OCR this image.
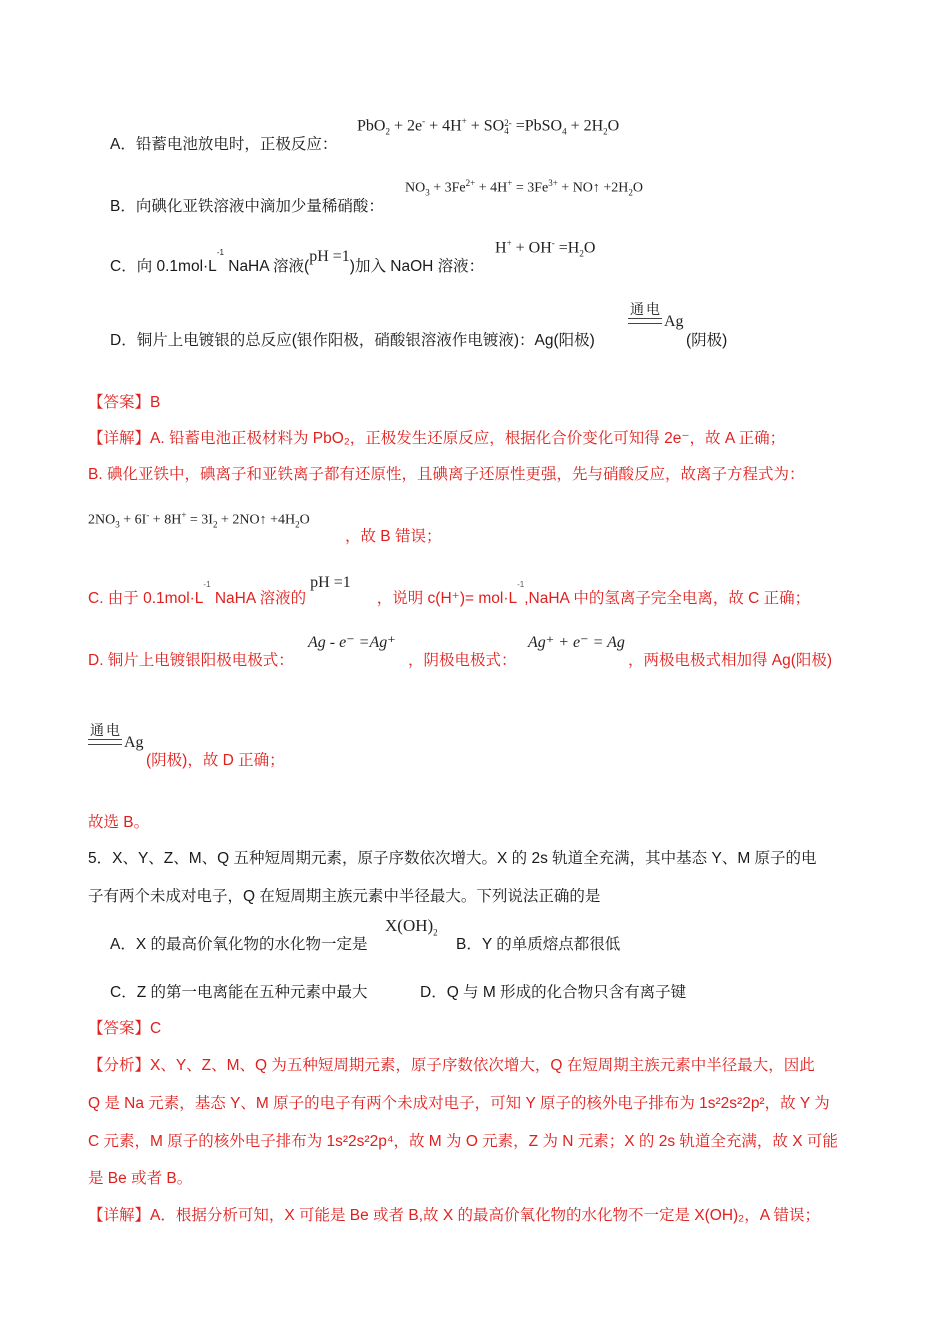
A．铅蓄电池放电时，正极反应：
PbO$_2$ + 2e- + 4H+ + SO 2-
4 =PbSO$_4$ + $2H_2O$
B．向碘化亚铁溶液中滴加少量稀硝酸：
$NO_3 + 3Fe^{2+} + 4H^+ = 3Fe^{3+}$ + NO↑ $+2H_2O$
C．向 $0.1mol\cdot L^{-1}$ NaHA 溶液(pH =1)加入 NaOH 溶液：
$H^+ + OH^- =H_2O$
D．铜片上电镀银的总反应(银作阳极，硝酸银溶液作电镀液)：Ag(阳极)
通电
Ag
(阴极)
【答案】B
【详解】A. 铅蓄电池正极材料为 PbO₂，正极发生还原反应，根据化合价变化可知得 2e⁻，故 A 正确；
B. 碘化亚铁中，碘离子和亚铁离子都有还原性，且碘离子还原性更强，先与硝酸反应，故离子方程式为：
$2NO_3 + 6I^- + 8H^+ = 3I_2$ + 2NO↑ $+4H_2O$
，故 B 错误；
C. 由于 $0.1mol\cdot L^{-1}$ NaHA 溶液的pH =1，说明 $c(H^+)= mol\cdot L^{-1},NaHA$ 中的氢离子完全电离，故 C 正确；
D. 铜片上电镀银阳极电极式：
Ag - e⁻ =Ag⁺
，阴极电极式：
Ag⁺ + e⁻ = Ag
，两极电极式相加得 Ag(阳极)
通电
Ag
(阴极)，故 D 正确；
故选 B。
5．X、Y、Z、M、Q 五种短周期元素，原子序数依次增大。X 的 2s 轨道全充满，其中基态 Y、M 原子的电
子有两个未成对电子，Q 在短周期主族元素中半径最大。下列说法正确的是
A．X 的最高价氧化物的水化物一定是
$X(OH)_2$
B．Y 的单质熔点都很低
C．Z 的第一电离能在五种元素中最大	D．Q 与 M 形成的化合物只含有离子键
【答案】C
【分析】X、Y、Z、M、Q 为五种短周期元素，原子序数依次增大，Q 在短周期主族元素中半径最大，因此
Q 是 Na 元素，基态 Y、M 原子的电子有两个未成对电子，可知 Y 原子的核外电子排布为 1s²2s²2p²，故 Y 为
C 元素，M 原子的核外电子排布为 1s²2s²2p⁴，故 M 为 O 元素，Z 为 N 元素；X 的 2s 轨道全充满，故 X 可能
是 Be 或者 B。
【详解】A．根据分析可知，X 可能是 Be 或者 B,故 X 的最高价氧化物的水化物不一定是 X(OH)₂，A 错误；
